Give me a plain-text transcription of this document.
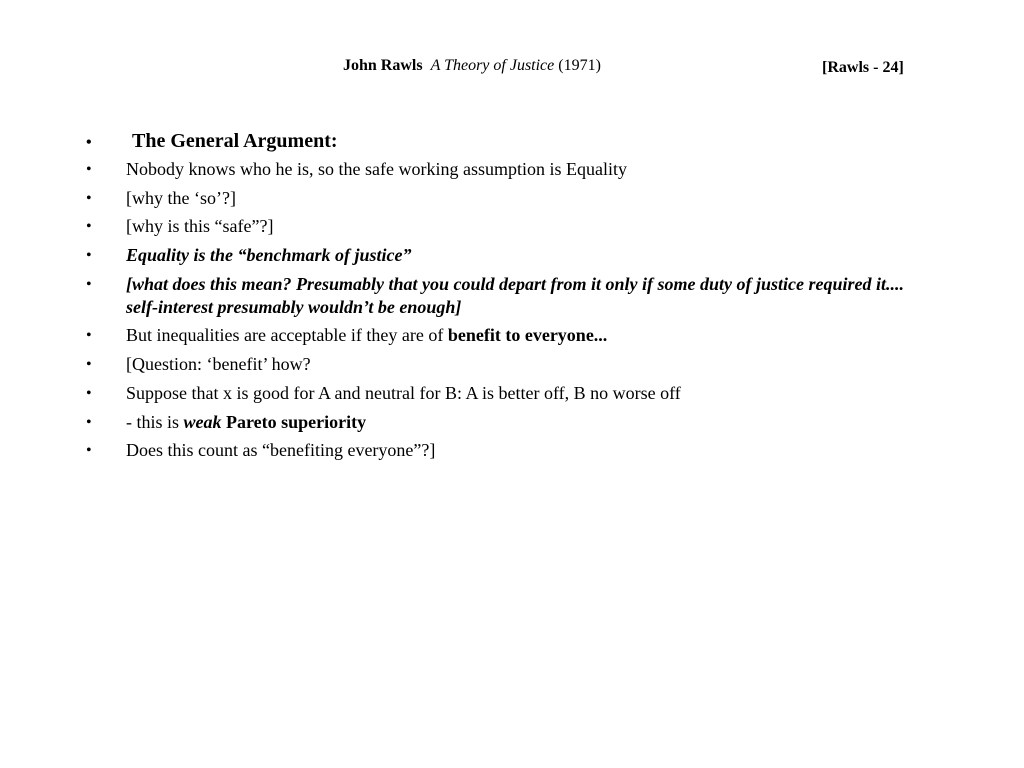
John Rawls A Theory of Justice (1971)	[Rawls - 24]
•	The General Argument:
•	Nobody knows who he is, so the safe working assumption is Equality
•	[why the ‘so’?]
•	[why is this “safe”?]
•	Equality is the “benchmark of justice”
•	[what does this mean? Presumably that you could depart from it only if some duty of justice required it.... self-interest presumably wouldn’t be enough]
•	But inequalities are acceptable if they are of benefit to everyone...
•	[Question: ‘benefit’ how?
•	Suppose that x is good for A and neutral for B: A is better off, B no worse off
•	- this is weak Pareto superiority
•	Does this count as “benefiting everyone”?]
